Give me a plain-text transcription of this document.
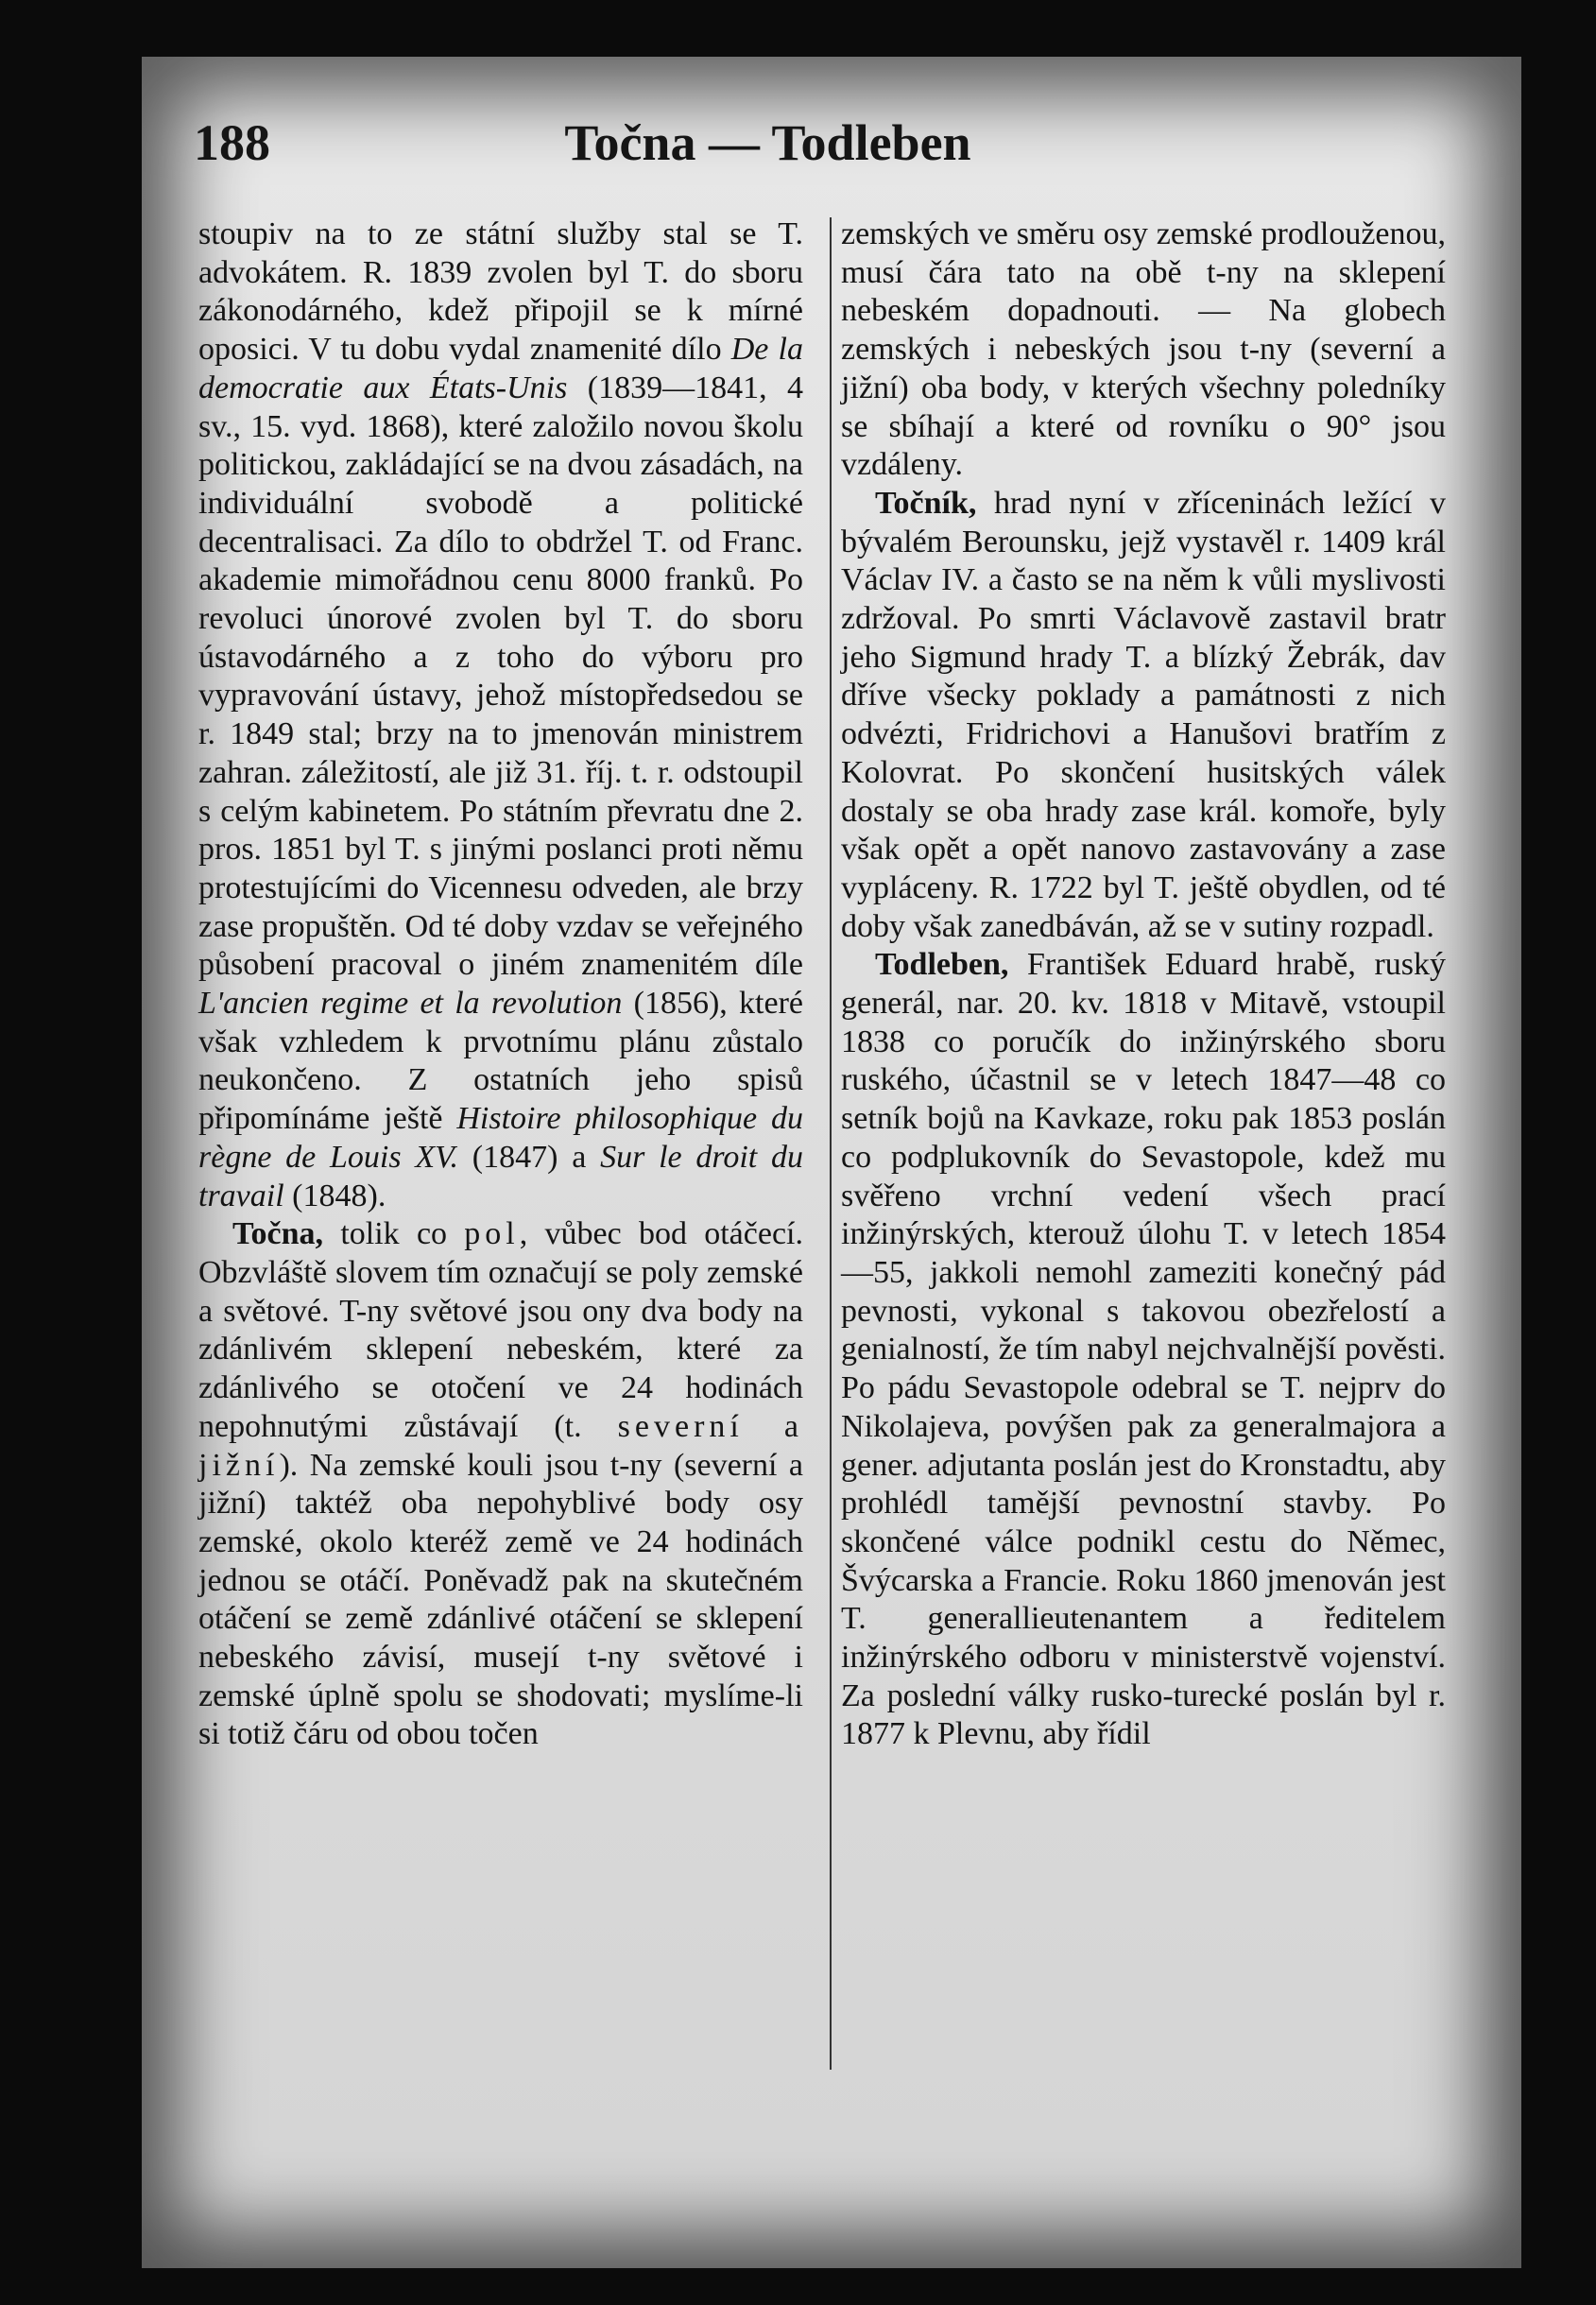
188	Točna — Todleben

stoupiv na to ze státní služby stal se T. advokátem. R. 1839 zvolen byl T. do sboru zákonodárného, kdež připojil se k mírné oposici. V tu dobu vydal znamenité dílo De la democratie aux États-Unis (1839—1841, 4 sv., 15. vyd. 1868), které založilo novou školu politickou, zakládající se na dvou zásadách, na individuální svobodě a politické decentralisaci. Za dílo to obdržel T. od Franc. akademie mimořádnou cenu 8000 franků. Po revoluci únorové zvolen byl T. do sboru ústavodárného a z toho do výboru pro vypravování ústavy, jehož místopředsedou se r. 1849 stal; brzy na to jmenován ministrem zahran. záležitostí, ale již 31. říj. t. r. odstoupil s celým kabinetem. Po státním převratu dne 2. pros. 1851 byl T. s jinými poslanci proti němu protestujícími do Vicennesu odveden, ale brzy zase propuštěn. Od té doby vzdav se veřejného působení pracoval o jiném znamenitém díle L'ancien regime et la revolution (1856), které však vzhledem k prvotnímu plánu zůstalo neukončeno. Z ostatních jeho spisů připomínáme ještě Histoire philosophique du règne de Louis XV. (1847) a Sur le droit du travail (1848).

Točna, tolik co pol, vůbec bod otáčecí. Obzvláště slovem tím označují se poly zemské a světové. T-ny světové jsou ony dva body na zdánlivém sklepení nebeském, které za zdánlivého se otočení ve 24 hodinách nepohnutými zůstávají (t. severní a jižní). Na zemské kouli jsou t-ny (severní a jižní) taktéž oba nepohyblivé body osy zemské, okolo kteréž země ve 24 hodinách jednou se otáčí. Poněvadž pak na skutečném otáčení se země zdánlivé otáčení se sklepení nebeského závisí, musejí t-ny světové i zemské úplně spolu se shodovati; myslíme-li si totiž čáru od obou točen

zemských ve směru osy zemské prodlouženou, musí čára tato na obě t-ny na sklepení nebeském dopadnouti. — Na globech zemských i nebeských jsou t-ny (severní a jižní) oba body, v kterých všechny poledníky se sbíhají a které od rovníku o 90° jsou vzdáleny.

Točník, hrad nyní v zříceninách ležící v bývalém Berounsku, jejž vystavěl r. 1409 král Václav IV. a často se na něm k vůli myslivosti zdržoval. Po smrti Václavově zastavil bratr jeho Sigmund hrady T. a blízký Žebrák, dav dříve všecky poklady a památnosti z nich odvézti, Fridrichovi a Hanušovi bratřím z Kolovrat. Po skončení husitských válek dostaly se oba hrady zase král. komoře, byly však opět a opět nanovo zastavovány a zase vypláceny. R. 1722 byl T. ještě obydlen, od té doby však zanedbáván, až se v sutiny rozpadl.

Todleben, František Eduard hrabě, ruský generál, nar. 20. kv. 1818 v Mitavě, vstoupil 1838 co poručík do inžinýrského sboru ruského, účastnil se v letech 1847—48 co setník bojů na Kavkaze, roku pak 1853 poslán co podplukovník do Sevastopole, kdež mu svěřeno vrchní vedení všech prací inžinýrských, kterouž úlohu T. v letech 1854—55, jakkoli nemohl zameziti konečný pád pevnosti, vykonal s takovou obezřelostí a genialností, že tím nabyl nejchvalnější pověsti. Po pádu Sevastopole odebral se T. nejprv do Nikolajeva, povýšen pak za generalmajora a gener. adjutanta poslán jest do Kronstadtu, aby prohlédl tamější pevnostní stavby. Po skončené válce podnikl cestu do Němec, Švýcarska a Francie. Roku 1860 jmenován jest T. generallieutenantem a ředitelem inžinýrského odboru v ministerstvě vojenství. Za poslední války rusko-turecké poslán byl r. 1877 k Plevnu, aby řídil
